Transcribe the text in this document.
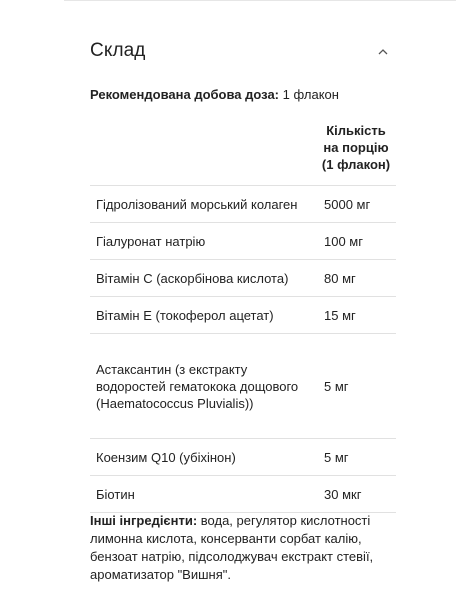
Склад
Рекомендована добова доза: 1 флакон

	Кількість
на порцію
(1 флакон)

Гідролізований морський колаген	5000 мг
Гіалуронат натрію	100 мг
Вітамін C (аскорбінова кислота)	80 мг
Вітамін E (токоферол ацетат)	15 мг
Астаксантин (з екстракту водоростей гематокока дощового (Haematococcus Pluvialis))	5 мг
Коензим Q10 (убіхінон)	5 мг
Біотин	30 мкг
Інші інгредієнти: вода, регулятор кислотності лимонна кислота, консерванти сорбат калію, бензоат натрію, підсолоджувач екстракт стевії, ароматизатор "Вишня".
